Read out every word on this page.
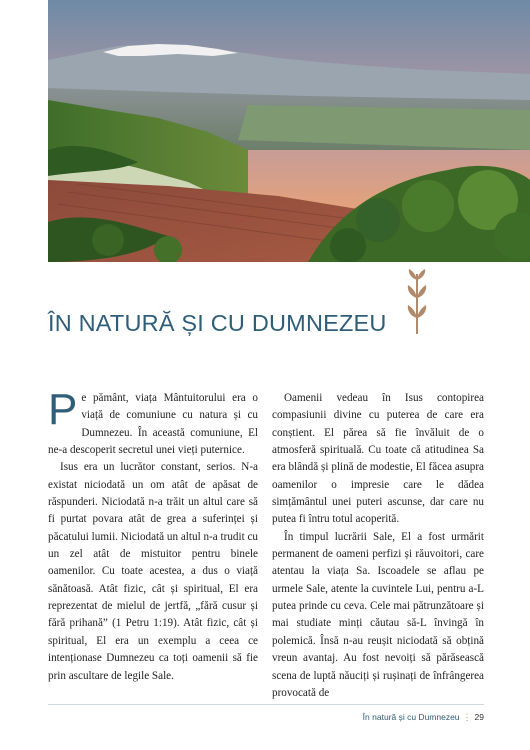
ÎN NATURĂ ȘI CU DUMNEZEU

Pe pământ, viața Mântuitorului era o viață de comuniune cu natura și cu Dumnezeu. În această comuniune, El ne-a descoperit secretul unei vieți puternice.

Isus era un lucrător constant, serios. N-a existat niciodată un om atât de apăsat de răspunderi. Niciodată n-a trăit un altul care să fi purtat povara atât de grea a suferinței și păcatului lumii. Niciodată un altul n-a trudit cu un zel atât de mistuitor pentru binele oamenilor. Cu toate acestea, a dus o viață sănătoasă. Atât fizic, cât și spiritual, El era reprezentat de mielul de jertfă, „fără cusur și fără prihană” (1 Petru 1:19). Atât fizic, cât și spiritual, El era un exemplu a ceea ce intenționase Dumnezeu ca toți oamenii să fie prin ascultare de legile Sale.

Oamenii vedeau în Isus contopirea compasiunii divine cu puterea de care era conștient. El părea să fie învăluit de o atmosferă spirituală. Cu toate că atitudinea Sa era blândă și plină de modestie, El făcea asupra oamenilor o impresie care le dădea simțământul unei puteri ascunse, dar care nu putea fi întru totul acoperită.

În timpul lucrării Sale, El a fost urmărit permanent de oameni perfizi și răuvoitori, care atentau la viața Sa. Iscoadele se aflau pe urmele Sale, atente la cuvintele Lui, pentru a-L putea prinde cu ceva. Cele mai pătrunzătoare și mai studiate minți căutau să-L învingă în polemică. Însă n-au reușit niciodată să obțină vreun avantaj. Au fost nevoiți să părăsească scena de luptă năuciți și rușinați de înfrângerea provocată de

În natură și cu Dumnezeu ⋮ 29
